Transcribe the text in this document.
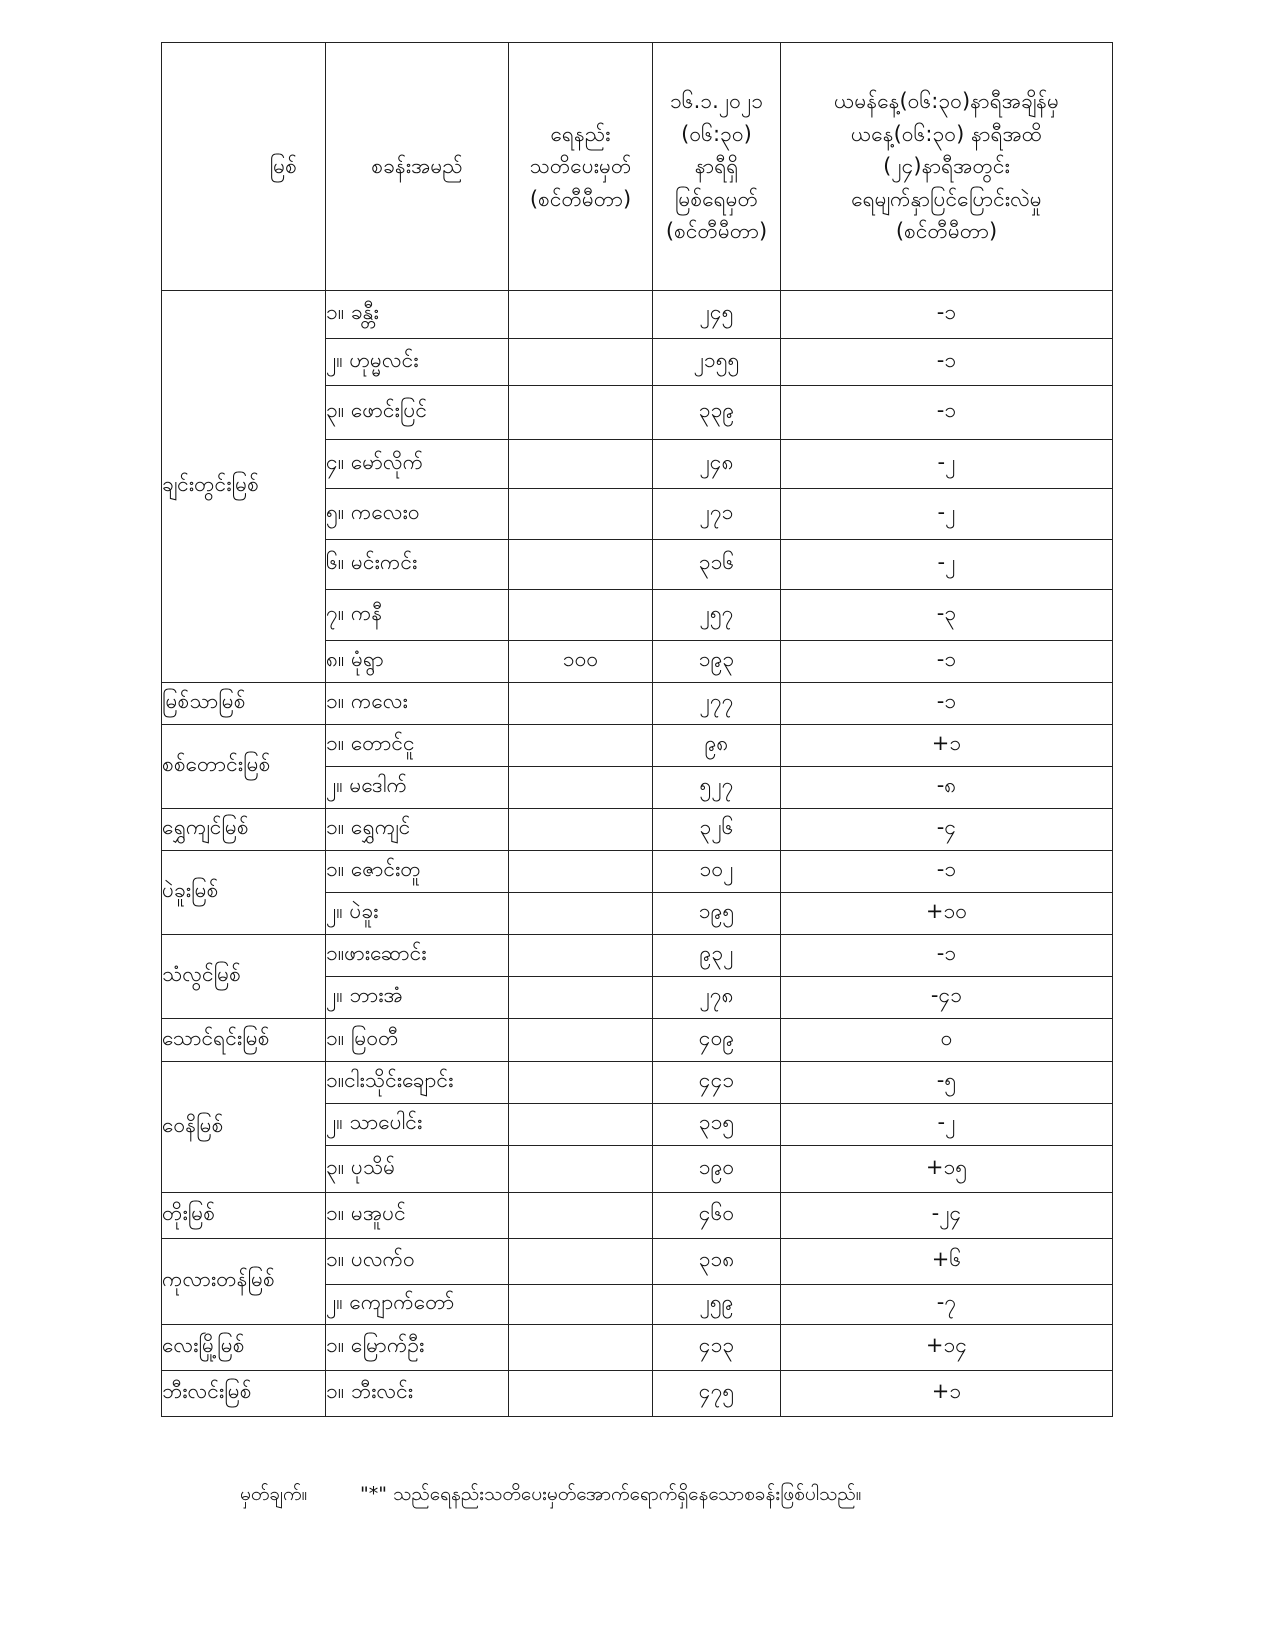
မြစ်	စခန်းအမည်	ရေနည်း
သတိပေးမှတ်
(စင်တီမီတာ)	၁၆.၁.၂၀၂၁
(၀၆:၃၀)
နာရီရှိ
မြစ်ရေမှတ်
(စင်တီမီတာ)	ယမန်နေ့(၀၆:၃၀)နာရီအချိန်မှ
ယနေ့(၀၆:၃၀) နာရီအထိ
(၂၄)နာရီအတွင်း
ရေမျက်နှာပြင်ပြောင်းလဲမှု
(စင်တီမီတာ)

ချင်းတွင်းမြစ်	၁။ ခန္တီး		၂၄၅	-၁
	၂။ ဟုမ္မလင်း		၂၁၅၅	-၁
	၃။ ဖောင်းပြင်		၃၃၉	-၁
	၄။ မော်လိုက်		၂၄၈	-၂
	၅။ ကလေးဝ		၂၇၁	-၂
	၆။ မင်းကင်း		၃၁၆	-၂
	၇။ ကနီ		၂၅၇	-၃
	၈။ မုံရွာ	၁၀၀	၁၉၃	-၁
မြစ်သာမြစ်	၁။ ကလေး		၂၇၇	-၁
စစ်တောင်းမြစ်	၁။ တောင်ငူ		၉၈	+၁
	၂။ မဒေါက်		၅၂၇	-၈
ရွှေကျင်မြစ်	၁။ ရွှေကျင်		၃၂၆	-၄
ပဲခူးမြစ်	၁။ ဇောင်းတူ		၁၀၂	-၁
	၂။ ပဲခူး		၁၉၅	+၁၀
သံလွင်မြစ်	၁။ဖားဆောင်း		၉၃၂	-၁
	၂။ ဘားအံ		၂၇၈	-၄၁
သောင်ရင်းမြစ်	၁။ မြဝတီ		၄၀၉	၀
ဝေနိမြစ်	၁။ငါးသိုင်းချောင်း		၄၄၁	-၅
	၂။ သာပေါင်း		၃၁၅	-၂
	၃။ ပုသိမ်		၁၉၀	+၁၅
တိုးမြစ်	၁။ မအူပင်		၄၆၀	-၂၄
ကုလားတန်မြစ်	၁။ ပလက်ဝ		၃၁၈	+၆
	၂။ ကျောက်တော်		၂၅၉	-၇
လေးမြို့မြစ်	၁။ မြောက်ဦး		၄၁၃	+၁၄
ဘီးလင်းမြစ်	၁။ ဘီးလင်း		၄၇၅	+၁
မှတ်ချက်။	"*" သည်ရေနည်းသတိပေးမှတ်အောက်ရောက်ရှိနေသောစခန်းဖြစ်ပါသည်။
